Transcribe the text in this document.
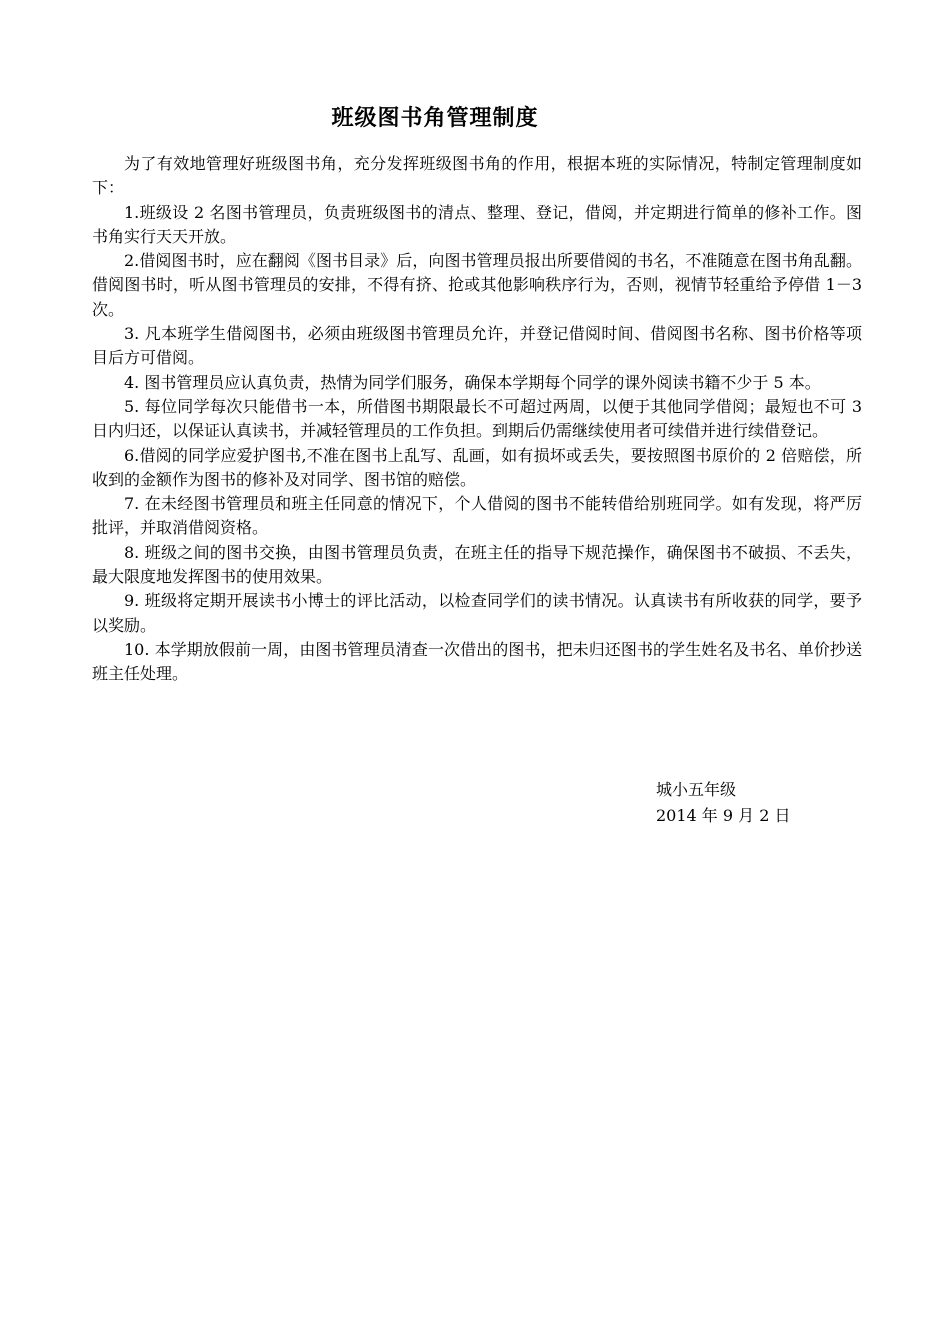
班级图书角管理制度

为了有效地管理好班级图书角，充分发挥班级图书角的作用，根据本班的实际情况，特制定管理制度如下：

1.班级设 2 名图书管理员，负责班级图书的清点、整理、登记，借阅，并定期进行简单的修补工作。图书角实行天天开放。

2.借阅图书时，应在翻阅《图书目录》后，向图书管理员报出所要借阅的书名，不准随意在图书角乱翻。借阅图书时，听从图书管理员的安排，不得有挤、抢或其他影响秩序行为，否则，视情节轻重给予停借 1－3 次。

3. 凡本班学生借阅图书，必须由班级图书管理员允许，并登记借阅时间、借阅图书名称、图书价格等项目后方可借阅。

4. 图书管理员应认真负责，热情为同学们服务，确保本学期每个同学的课外阅读书籍不少于 5 本。

5. 每位同学每次只能借书一本，所借图书期限最长不可超过两周，以便于其他同学借阅；最短也不可 3 日内归还，以保证认真读书，并减轻管理员的工作负担。到期后仍需继续使用者可续借并进行续借登记。

6.借阅的同学应爱护图书,不准在图书上乱写、乱画，如有损坏或丢失，要按照图书原价的 2 倍赔偿，所收到的金额作为图书的修补及对同学、图书馆的赔偿。

7. 在未经图书管理员和班主任同意的情况下，个人借阅的图书不能转借给别班同学。如有发现，将严厉批评，并取消借阅资格。

8. 班级之间的图书交换，由图书管理员负责，在班主任的指导下规范操作，确保图书不破损、不丢失，最大限度地发挥图书的使用效果。

9. 班级将定期开展读书小博士的评比活动，以检查同学们的读书情况。认真读书有所收获的同学，要予以奖励。

10. 本学期放假前一周，由图书管理员清查一次借出的图书，把未归还图书的学生姓名及书名、单价抄送班主任处理。

城小五年级
2014 年 9 月 2 日
